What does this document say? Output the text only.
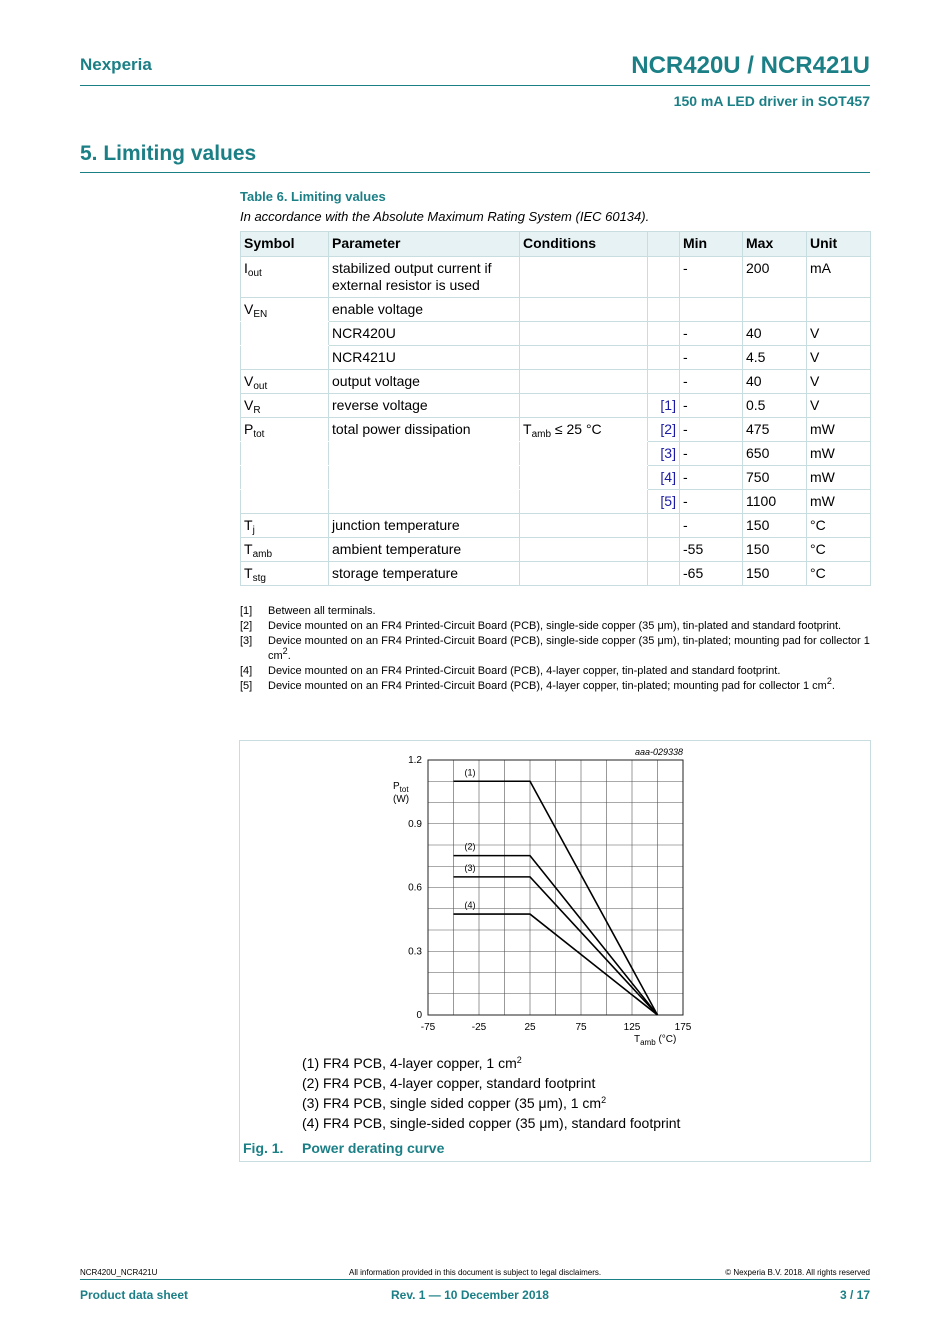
Nexperia	NCR420U / NCR421U
150 mA LED driver in SOT457
5. Limiting values
Table 6. Limiting values
In accordance with the Absolute Maximum Rating System (IEC 60134).
Symbol	Parameter	Conditions		Min	Max	Unit
$I_{out}$	stabilized output current if external resistor is used			-	200	mA
$V_{EN}$	enable voltage					
	NCR420U			-	40	V
	NCR421U			-	4.5	V
$V_{out}$	output voltage			-	40	V
$V_R$	reverse voltage		[1]	-	0.5	V
$P_{tot}$	total power dissipation	$T_{amb} \le 25$ °C	[2]	-	475	mW
			[3]	-	650	mW
			[4]	-	750	mW
			[5]	-	1100	mW
$T_j$	junction temperature			-	150	°C
$T_{amb}$	ambient temperature			-55	150	°C
$T_{stg}$	storage temperature			-65	150	°C
[1]	Between all terminals.
[2]	Device mounted on an FR4 Printed-Circuit Board (PCB), single-side copper (35 μm), tin-plated and standard footprint.
[3]	Device mounted on an FR4 Printed-Circuit Board (PCB), single-side copper (35 μm), tin-plated; mounting pad for collector 1 $cm^2$.
[4]	Device mounted on an FR4 Printed-Circuit Board (PCB), 4-layer copper, tin-plated and standard footprint.
[5]	Device mounted on an FR4 Printed-Circuit Board (PCB), 4-layer copper, tin-plated; mounting pad for collector 1 $cm^2$.
0
0.3
0.6
0.9
1.2
-75	-25	25	75	125	175
$P_{tot}$
(W)
$T_{amb}$ (°C)
aaa-029338
(1)
(2)
(3)
(4)
(1) FR4 PCB, 4-layer copper, 1 $cm^2$
(2) FR4 PCB, 4-layer copper, standard footprint
(3) FR4 PCB, single sided copper (35 μm), 1 $cm^2$
(4) FR4 PCB, single-sided copper (35 μm), standard footprint
Fig. 1. Power derating curve
NCR420U_NCR421U	All information provided in this document is subject to legal disclaimers.	© Nexperia B.V. 2018. All rights reserved
Product data sheet	Rev. 1 — 10 December 2018	3 / 17
